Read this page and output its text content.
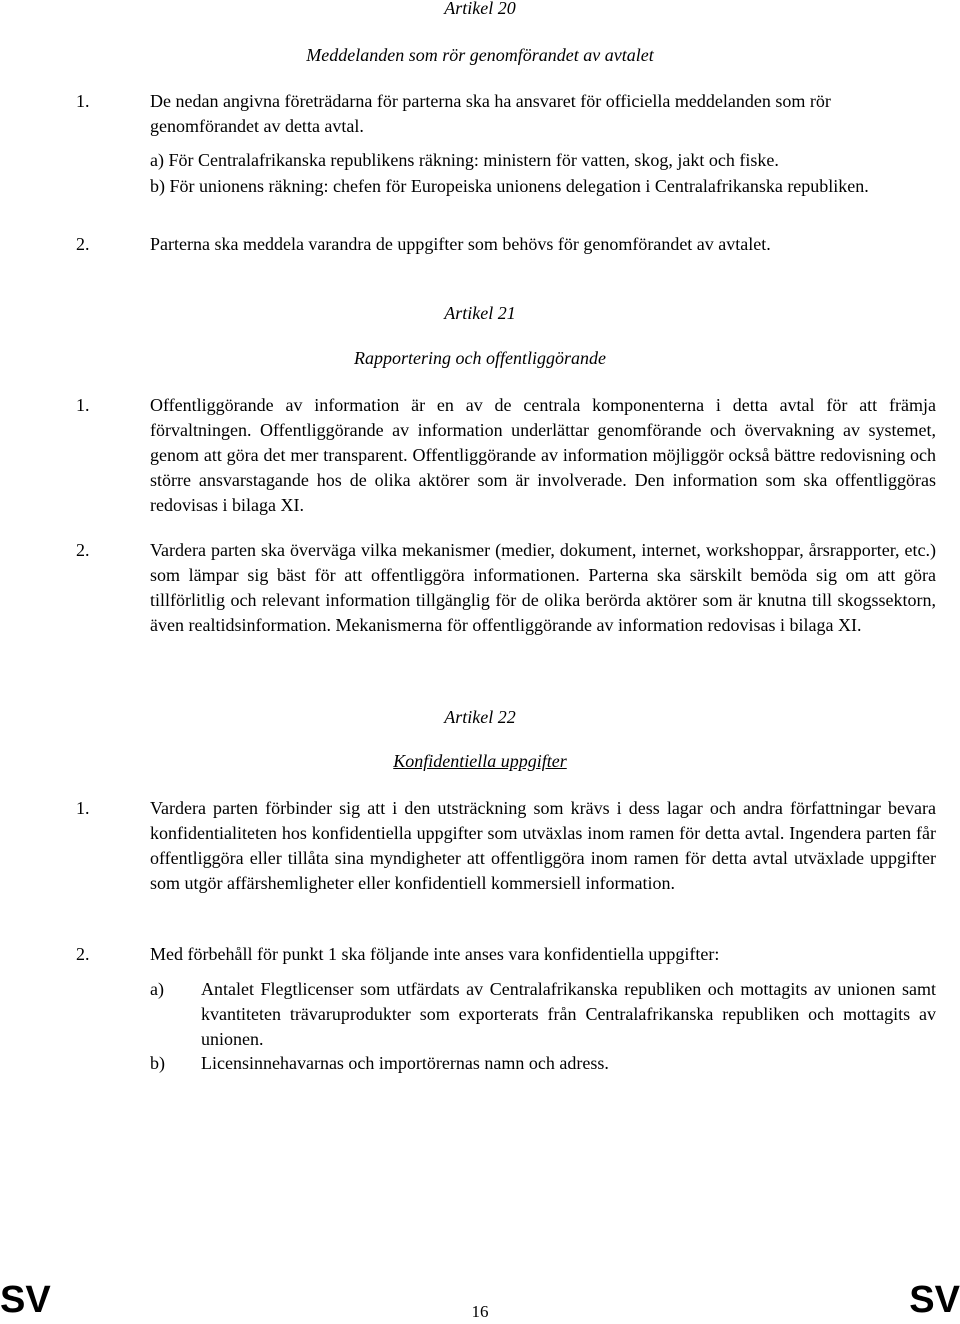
Artikel 20
Meddelanden som rör genomförandet av avtalet
1.	De nedan angivna företrädarna för parterna ska ha ansvaret för officiella meddelanden som rör genomförandet av detta avtal.

a) För Centralafrikanska republikens räkning: ministern för vatten, skog, jakt och fiske.

b) För unionens räkning: chefen för Europeiska unionens delegation i Centralafrikanska republiken.

2.	Parterna ska meddela varandra de uppgifter som behövs för genomförandet av avtalet.

Artikel 21
Rapportering och offentliggörande
1.	Offentliggörande av information är en av de centrala komponenterna i detta avtal för att främja förvaltningen. Offentliggörande av information underlättar genomförande och övervakning av systemet, genom att göra det mer transparent. Offentliggörande av information möjliggör också bättre redovisning och större ansvarstagande hos de olika aktörer som är involverade. Den information som ska offentliggöras redovisas i bilaga XI.

2.	Vardera parten ska överväga vilka mekanismer (medier, dokument, internet, workshoppar, årsrapporter, etc.) som lämpar sig bäst för att offentliggöra informationen. Parterna ska särskilt bemöda sig om att göra tillförlitlig och relevant information tillgänglig för de olika berörda aktörer som är knutna till skogssektorn, även realtidsinformation. Mekanismerna för offentliggörande av information redovisas i bilaga XI.

Artikel 22
Konfidentiella uppgifter
1.	Vardera parten förbinder sig att i den utsträckning som krävs i dess lagar och andra författningar bevara konfidentialiteten hos konfidentiella uppgifter som utväxlas inom ramen för detta avtal. Ingendera parten får offentliggöra eller tillåta sina myndigheter att offentliggöra inom ramen för detta avtal utväxlade uppgifter som utgör affärshemligheter eller konfidentiell kommersiell information.

2.	Med förbehåll för punkt 1 ska följande inte anses vara konfidentiella uppgifter:

a) Antalet Flegtlicenser som utfärdats av Centralafrikanska republiken och mottagits av unionen samt kvantiteten trävaruprodukter som exporterats från Centralafrikanska republiken och mottagits av unionen.

b) Licensinnehavarnas och importörernas namn och adress.

SV	16	SV
